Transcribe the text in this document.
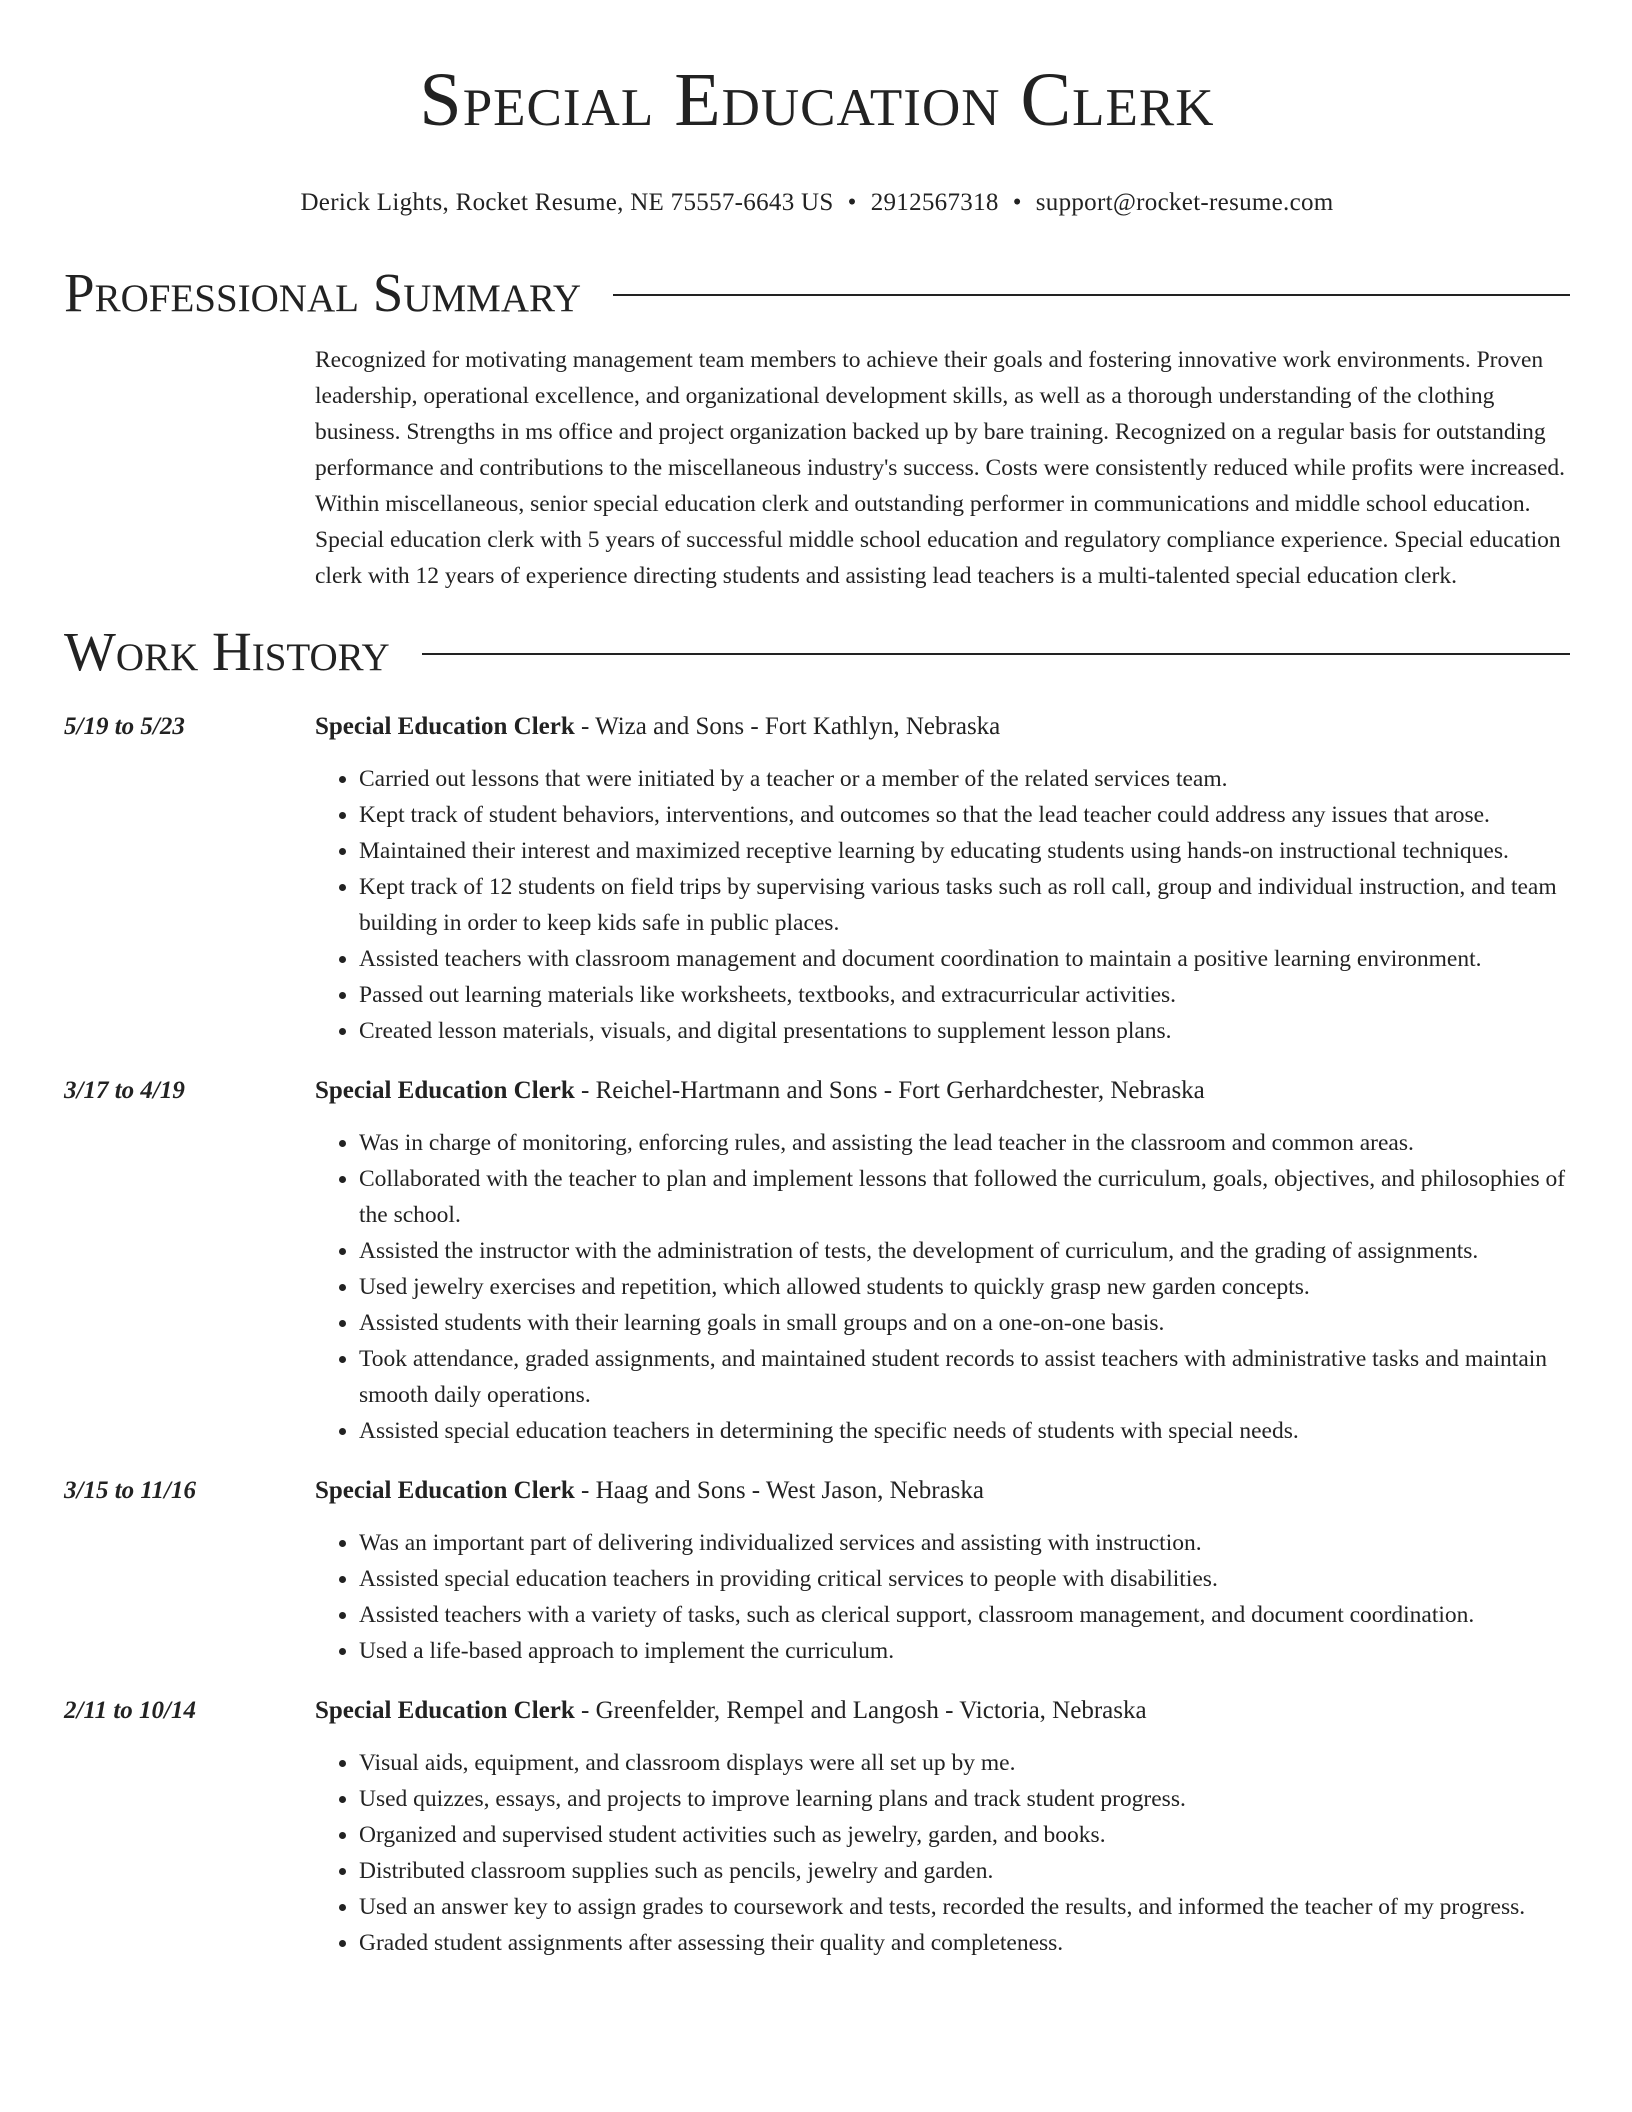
Special Education Clerk
Derick Lights, Rocket Resume, NE 75557-6643 US • 2912567318 • support@rocket-resume.com
Professional Summary

Recognized for motivating management team members to achieve their goals and fostering innovative work environments. Proven leadership, operational excellence, and organizational development skills, as well as a thorough understanding of the clothing business. Strengths in ms office and project organization backed up by bare training. Recognized on a regular basis for outstanding performance and contributions to the miscellaneous industry's success. Costs were consistently reduced while profits were increased. Within miscellaneous, senior special education clerk and outstanding performer in communications and middle school education. Special education clerk with 5 years of successful middle school education and regulatory compliance experience. Special education clerk with 12 years of experience directing students and assisting lead teachers is a multi-talented special education clerk.

Work History
5/19 to 5/23	Special Education Clerk - Wiza and Sons - Fort Kathlyn, Nebraska
• Carried out lessons that were initiated by a teacher or a member of the related services team.
• Kept track of student behaviors, interventions, and outcomes so that the lead teacher could address any issues that arose.
• Maintained their interest and maximized receptive learning by educating students using hands-on instructional techniques.
• Kept track of 12 students on field trips by supervising various tasks such as roll call, group and individual instruction, and team building in order to keep kids safe in public places.
• Assisted teachers with classroom management and document coordination to maintain a positive learning environment.
• Passed out learning materials like worksheets, textbooks, and extracurricular activities.
• Created lesson materials, visuals, and digital presentations to supplement lesson plans.
3/17 to 4/19	Special Education Clerk - Reichel-Hartmann and Sons - Fort Gerhardchester, Nebraska
• Was in charge of monitoring, enforcing rules, and assisting the lead teacher in the classroom and common areas.
• Collaborated with the teacher to plan and implement lessons that followed the curriculum, goals, objectives, and philosophies of the school.
• Assisted the instructor with the administration of tests, the development of curriculum, and the grading of assignments.
• Used jewelry exercises and repetition, which allowed students to quickly grasp new garden concepts.
• Assisted students with their learning goals in small groups and on a one-on-one basis.
• Took attendance, graded assignments, and maintained student records to assist teachers with administrative tasks and maintain smooth daily operations.
• Assisted special education teachers in determining the specific needs of students with special needs.
3/15 to 11/16	Special Education Clerk - Haag and Sons - West Jason, Nebraska
• Was an important part of delivering individualized services and assisting with instruction.
• Assisted special education teachers in providing critical services to people with disabilities.
• Assisted teachers with a variety of tasks, such as clerical support, classroom management, and document coordination.
• Used a life-based approach to implement the curriculum.
2/11 to 10/14	Special Education Clerk - Greenfelder, Rempel and Langosh - Victoria, Nebraska
• Visual aids, equipment, and classroom displays were all set up by me.
• Used quizzes, essays, and projects to improve learning plans and track student progress.
• Organized and supervised student activities such as jewelry, garden, and books.
• Distributed classroom supplies such as pencils, jewelry and garden.
• Used an answer key to assign grades to coursework and tests, recorded the results, and informed the teacher of my progress.
• Graded student assignments after assessing their quality and completeness.
